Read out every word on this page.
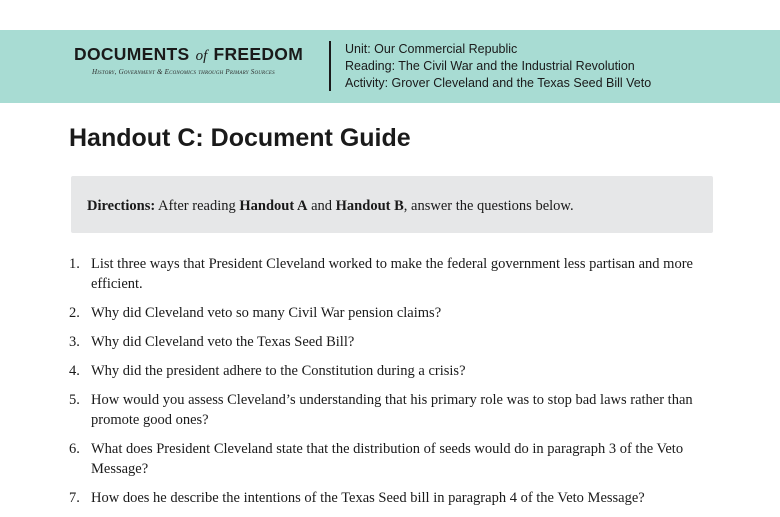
DOCUMENTS of FREEDOM
History, Government & Economics through Primary Sources
Unit: Our Commercial Republic
Reading: The Civil War and the Industrial Revolution
Activity: Grover Cleveland and the Texas Seed Bill Veto
Handout C: Document Guide
Directions: After reading Handout A and Handout B, answer the questions below.
1. List three ways that President Cleveland worked to make the federal government less partisan and more efficient.
2. Why did Cleveland veto so many Civil War pension claims?
3. Why did Cleveland veto the Texas Seed Bill?
4. Why did the president adhere to the Constitution during a crisis?
5. How would you assess Cleveland’s understanding that his primary role was to stop bad laws rather than promote good ones?
6. What does President Cleveland state that the distribution of seeds would do in paragraph 3 of the Veto Message?
7. How does he describe the intentions of the Texas Seed bill in paragraph 4 of the Veto Message?
